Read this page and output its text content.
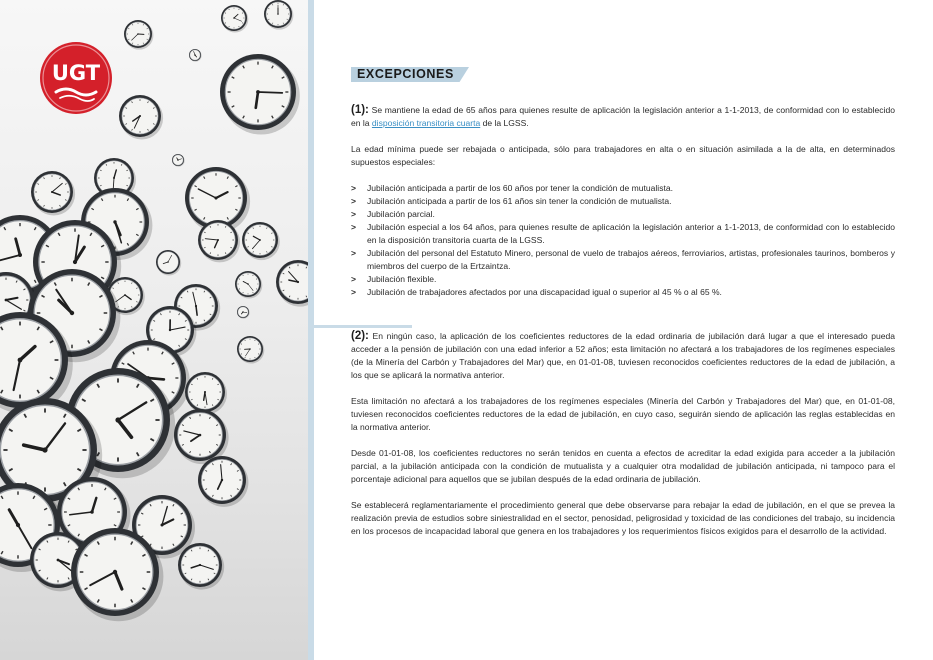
UGT	EXCEPCIONES

(1): Se mantiene la edad de 65 años para quienes resulte de aplicación la legislación anterior a 1-1-2013, de conformidad con lo establecido en la disposición transitoria cuarta de la LGSS.

La edad mínima puede ser rebajada o anticipada, sólo para trabajadores en alta o en situación asimilada a la de alta, en determinados supuestos especiales:

> Jubilación anticipada a partir de los 60 años por tener la condición de mutualista.
> Jubilación anticipada a partir de los 61 años sin tener la condición de mutualista.
> Jubilación parcial.
> Jubilación especial a los 64 años, para quienes resulte de aplicación la legislación anterior a 1-1-2013, de conformidad con lo establecido en la disposición transitoria cuarta de la LGSS.
> Jubilación del personal del Estatuto Minero, personal de vuelo de trabajos aéreos, ferroviarios, artistas, profesionales taurinos, bomberos y miembros del cuerpo de la Ertzaintza.
> Jubilación flexible.
> Jubilación de trabajadores afectados por una discapacidad igual o superior al 45 % o al 65 %.

(2): En ningún caso, la aplicación de los coeficientes reductores de la edad ordinaria de jubilación dará lugar a que el interesado pueda acceder a la pensión de jubilación con una edad inferior a 52 años; esta limitación no afectará a los trabajadores de los regímenes especiales (de la Minería del Carbón y Trabajadores del Mar) que, en 01-01-08, tuviesen reconocidos coeficientes reductores de la edad de jubilación, a los que se aplicará la normativa anterior.

Esta limitación no afectará a los trabajadores de los regímenes especiales (Minería del Carbón y Trabajadores del Mar) que, en 01-01-08, tuviesen reconocidos coeficientes reductores de la edad de jubilación, en cuyo caso, seguirán siendo de aplicación las reglas establecidas en la normativa anterior.

Desde 01-01-08, los coeficientes reductores no serán tenidos en cuenta a efectos de acreditar la edad exigida para acceder a la jubilación parcial, a la jubilación anticipada con la condición de mutualista y a cualquier otra modalidad de jubilación anticipada, ni tampoco para el porcentaje adicional para aquellos que se jubilan después de la edad ordinaria de jubilación.

Se establecerá reglamentariamente el procedimiento general que debe observarse para rebajar la edad de jubilación, en el que se prevea la realización previa de estudios sobre siniestralidad en el sector, penosidad, peligrosidad y toxicidad de las condiciones del trabajo, su incidencia en los procesos de incapacidad laboral que genera en los trabajadores y los requerimientos físicos exigidos para el desarrollo de la actividad.
